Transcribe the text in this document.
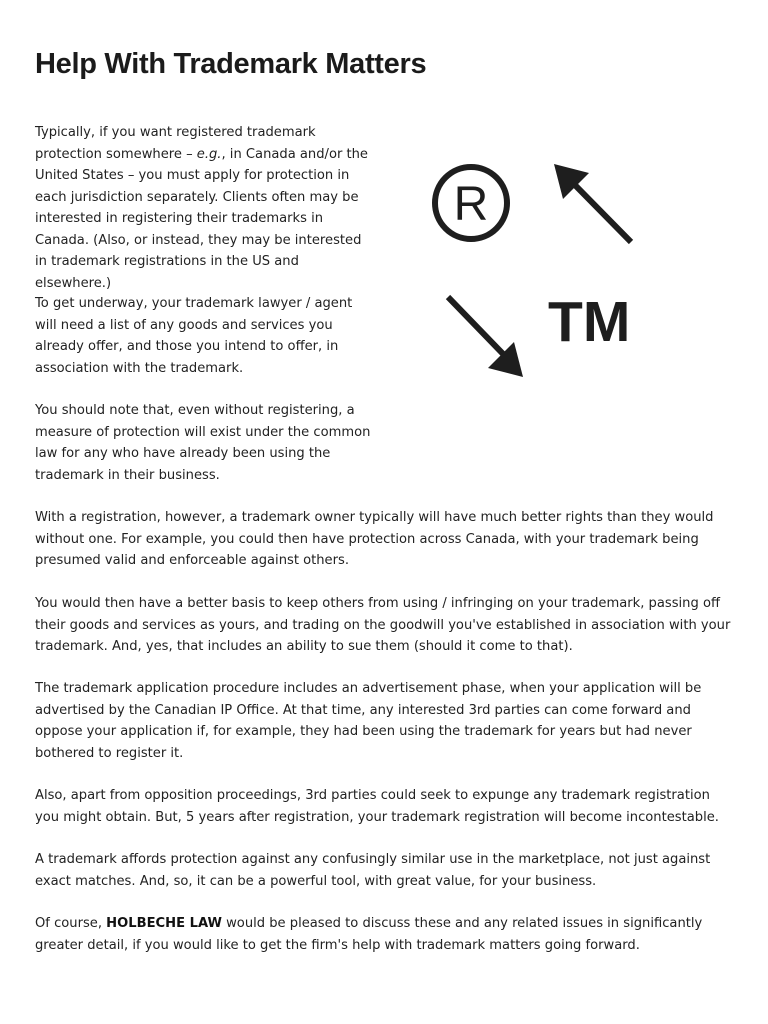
Help With Trademark Matters
R
TM

Typically, if you want registered trademark protection somewhere – e.g., in Canada and/or the United States – you must apply for protection in each jurisdiction separately. Clients often may be interested in registering their trademarks in Canada. (Also, or instead, they may be interested in trademark registrations in the US and elsewhere.)

To get underway, your trademark lawyer / agent will need a list of any goods and services you already offer, and those you intend to offer, in association with the trademark.

You should note that, even without registering, a measure of protection will exist under the common law for any who have already been using the trademark in their business.

With a registration, however, a trademark owner typically will have much better rights than they would without one. For example, you could then have protection across Canada, with your trademark being presumed valid and enforceable against others.

You would then have a better basis to keep others from using / infringing on your trademark, passing off their goods and services as yours, and trading on the goodwill you've established in association with your trademark. And, yes, that includes an ability to sue them (should it come to that).

The trademark application procedure includes an advertisement phase, when your application will be advertised by the Canadian IP Office. At that time, any interested 3rd parties can come forward and oppose your application if, for example, they had been using the trademark for years but had never bothered to register it.

Also, apart from opposition proceedings, 3rd parties could seek to expunge any trademark registration you might obtain. But, 5 years after registration, your trademark registration will become incontestable.

A trademark affords protection against any confusingly similar use in the marketplace, not just against exact matches. And, so, it can be a powerful tool, with great value, for your business.

Of course, HOLBECHE LAW would be pleased to discuss these and any related issues in significantly greater detail, if you would like to get the firm's help with trademark matters going forward.
